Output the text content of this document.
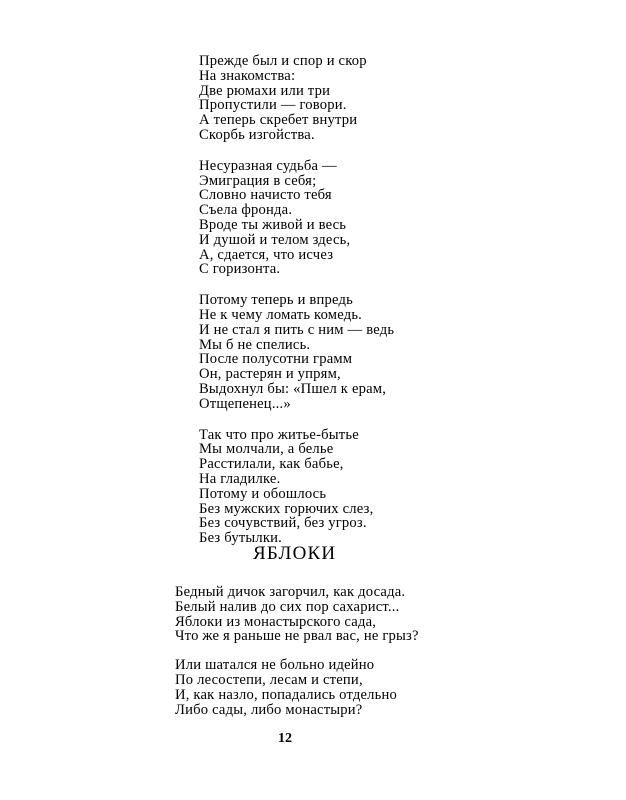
Прежде был и спор и скор
На знакомства:
Две рюмахи или три
Пропустили — говори.
А теперь скребет внутри
Скорбь изгойства.
Несуразная судьба —
Эмиграция в себя;
Словно начисто тебя
Съела фронда.
Вроде ты живой и весь
И душой и телом здесь,
А, сдается, что исчез
С горизонта.
Потому теперь и впредь
Не к чему ломать комедь.
И не стал я пить с ним — ведь
Мы б не спелись.
После полусотни грамм
Он, растерян и упрям,
Выдохнул бы: «Пшел к ерам,
Отщепенец...»
Так что про житье-бытье
Мы молчали, а белье
Расстилали, как бабье,
На гладилке.
Потому и обошлось
Без мужских горючих слез,
Без сочувствий, без угроз.
Без бутылки.
ЯБЛОКИ
Бедный дичок загорчил, как досада.
Белый налив до сих пор сахарист...
Яблоки из монастырского сада,
Что же я раньше не рвал вас, не грыз?
Или шатался не больно идейно
По лесостепи, лесам и степи,
И, как назло, попадались отдельно
Либо сады, либо монастыри?
12
